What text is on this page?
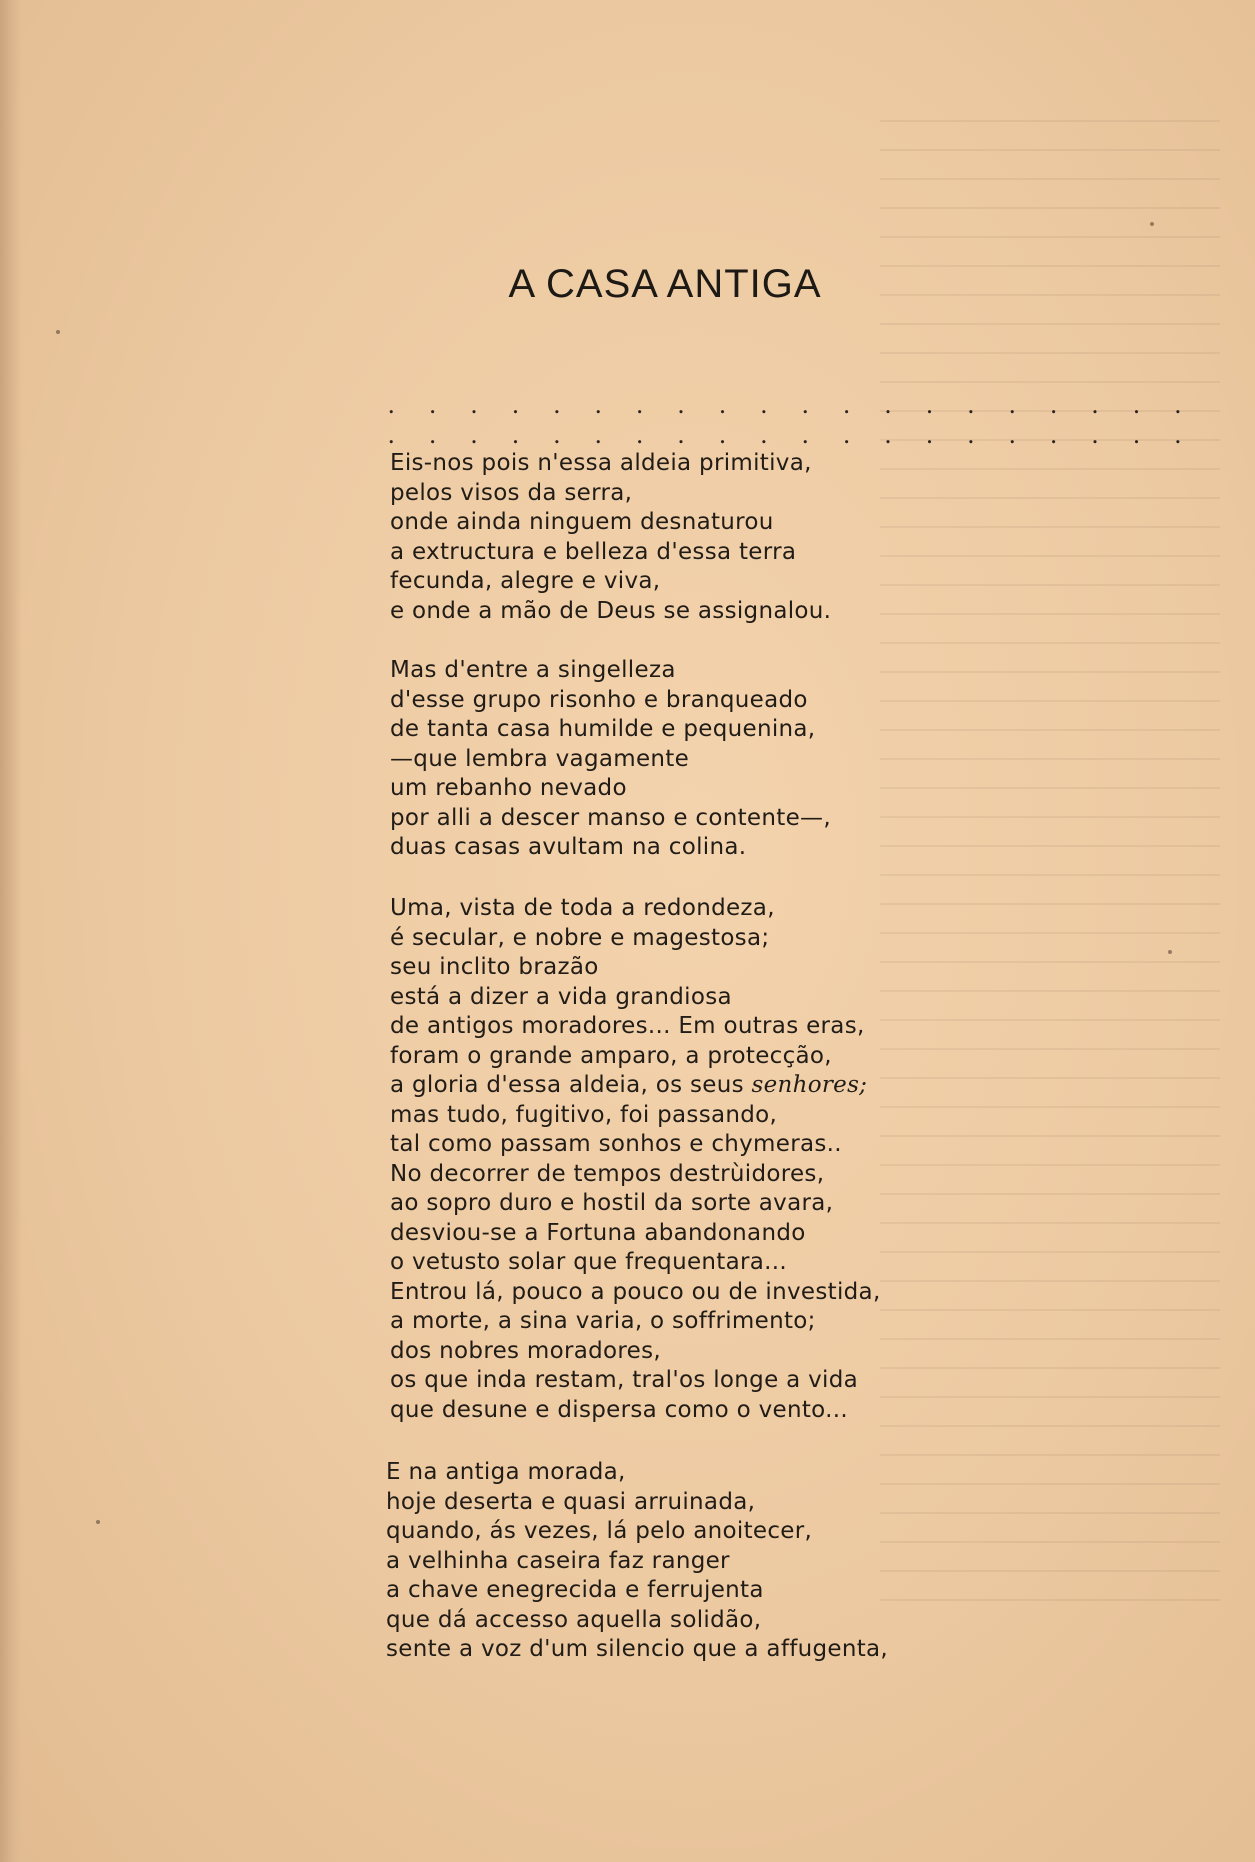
A CASA ANTIGA
. . . . . . . . . . . . . . . . . . . .
. . . . . . . . . . . . . . . . . . . .
Eis-nos pois n'essa aldeia primitiva,
pelos visos da serra,
onde ainda ninguem desnaturou
a extructura e belleza d'essa terra
fecunda, alegre e viva,
e onde a mão de Deus se assignalou.
Mas d'entre a singelleza
d'esse grupo risonho e branqueado
de tanta casa humilde e pequenina,
—que lembra vagamente
um rebanho nevado
por alli a descer manso e contente—,
duas casas avultam na colina.
Uma, vista de toda a redondeza,
é secular, e nobre e magestosa;
seu inclito brazão
está a dizer a vida grandiosa
de antigos moradores... Em outras eras,
foram o grande amparo, a protecção,
a gloria d'essa aldeia, os seus senhores;
mas tudo, fugitivo, foi passando,
tal como passam sonhos e chymeras..
No decorrer de tempos destrùidores,
ao sopro duro e hostil da sorte avara,
desviou-se a Fortuna abandonando
o vetusto solar que frequentara...
Entrou lá, pouco a pouco ou de investida,
a morte, a sina varia, o soffrimento;
dos nobres moradores,
os que inda restam, tral'os longe a vida
que desune e dispersa como o vento...
E na antiga morada,
hoje deserta e quasi arruinada,
quando, ás vezes, lá pelo anoitecer,
a velhinha caseira faz ranger
a chave enegrecida e ferrujenta
que dá accesso aquella solidão,
sente a voz d'um silencio que a affugenta,
